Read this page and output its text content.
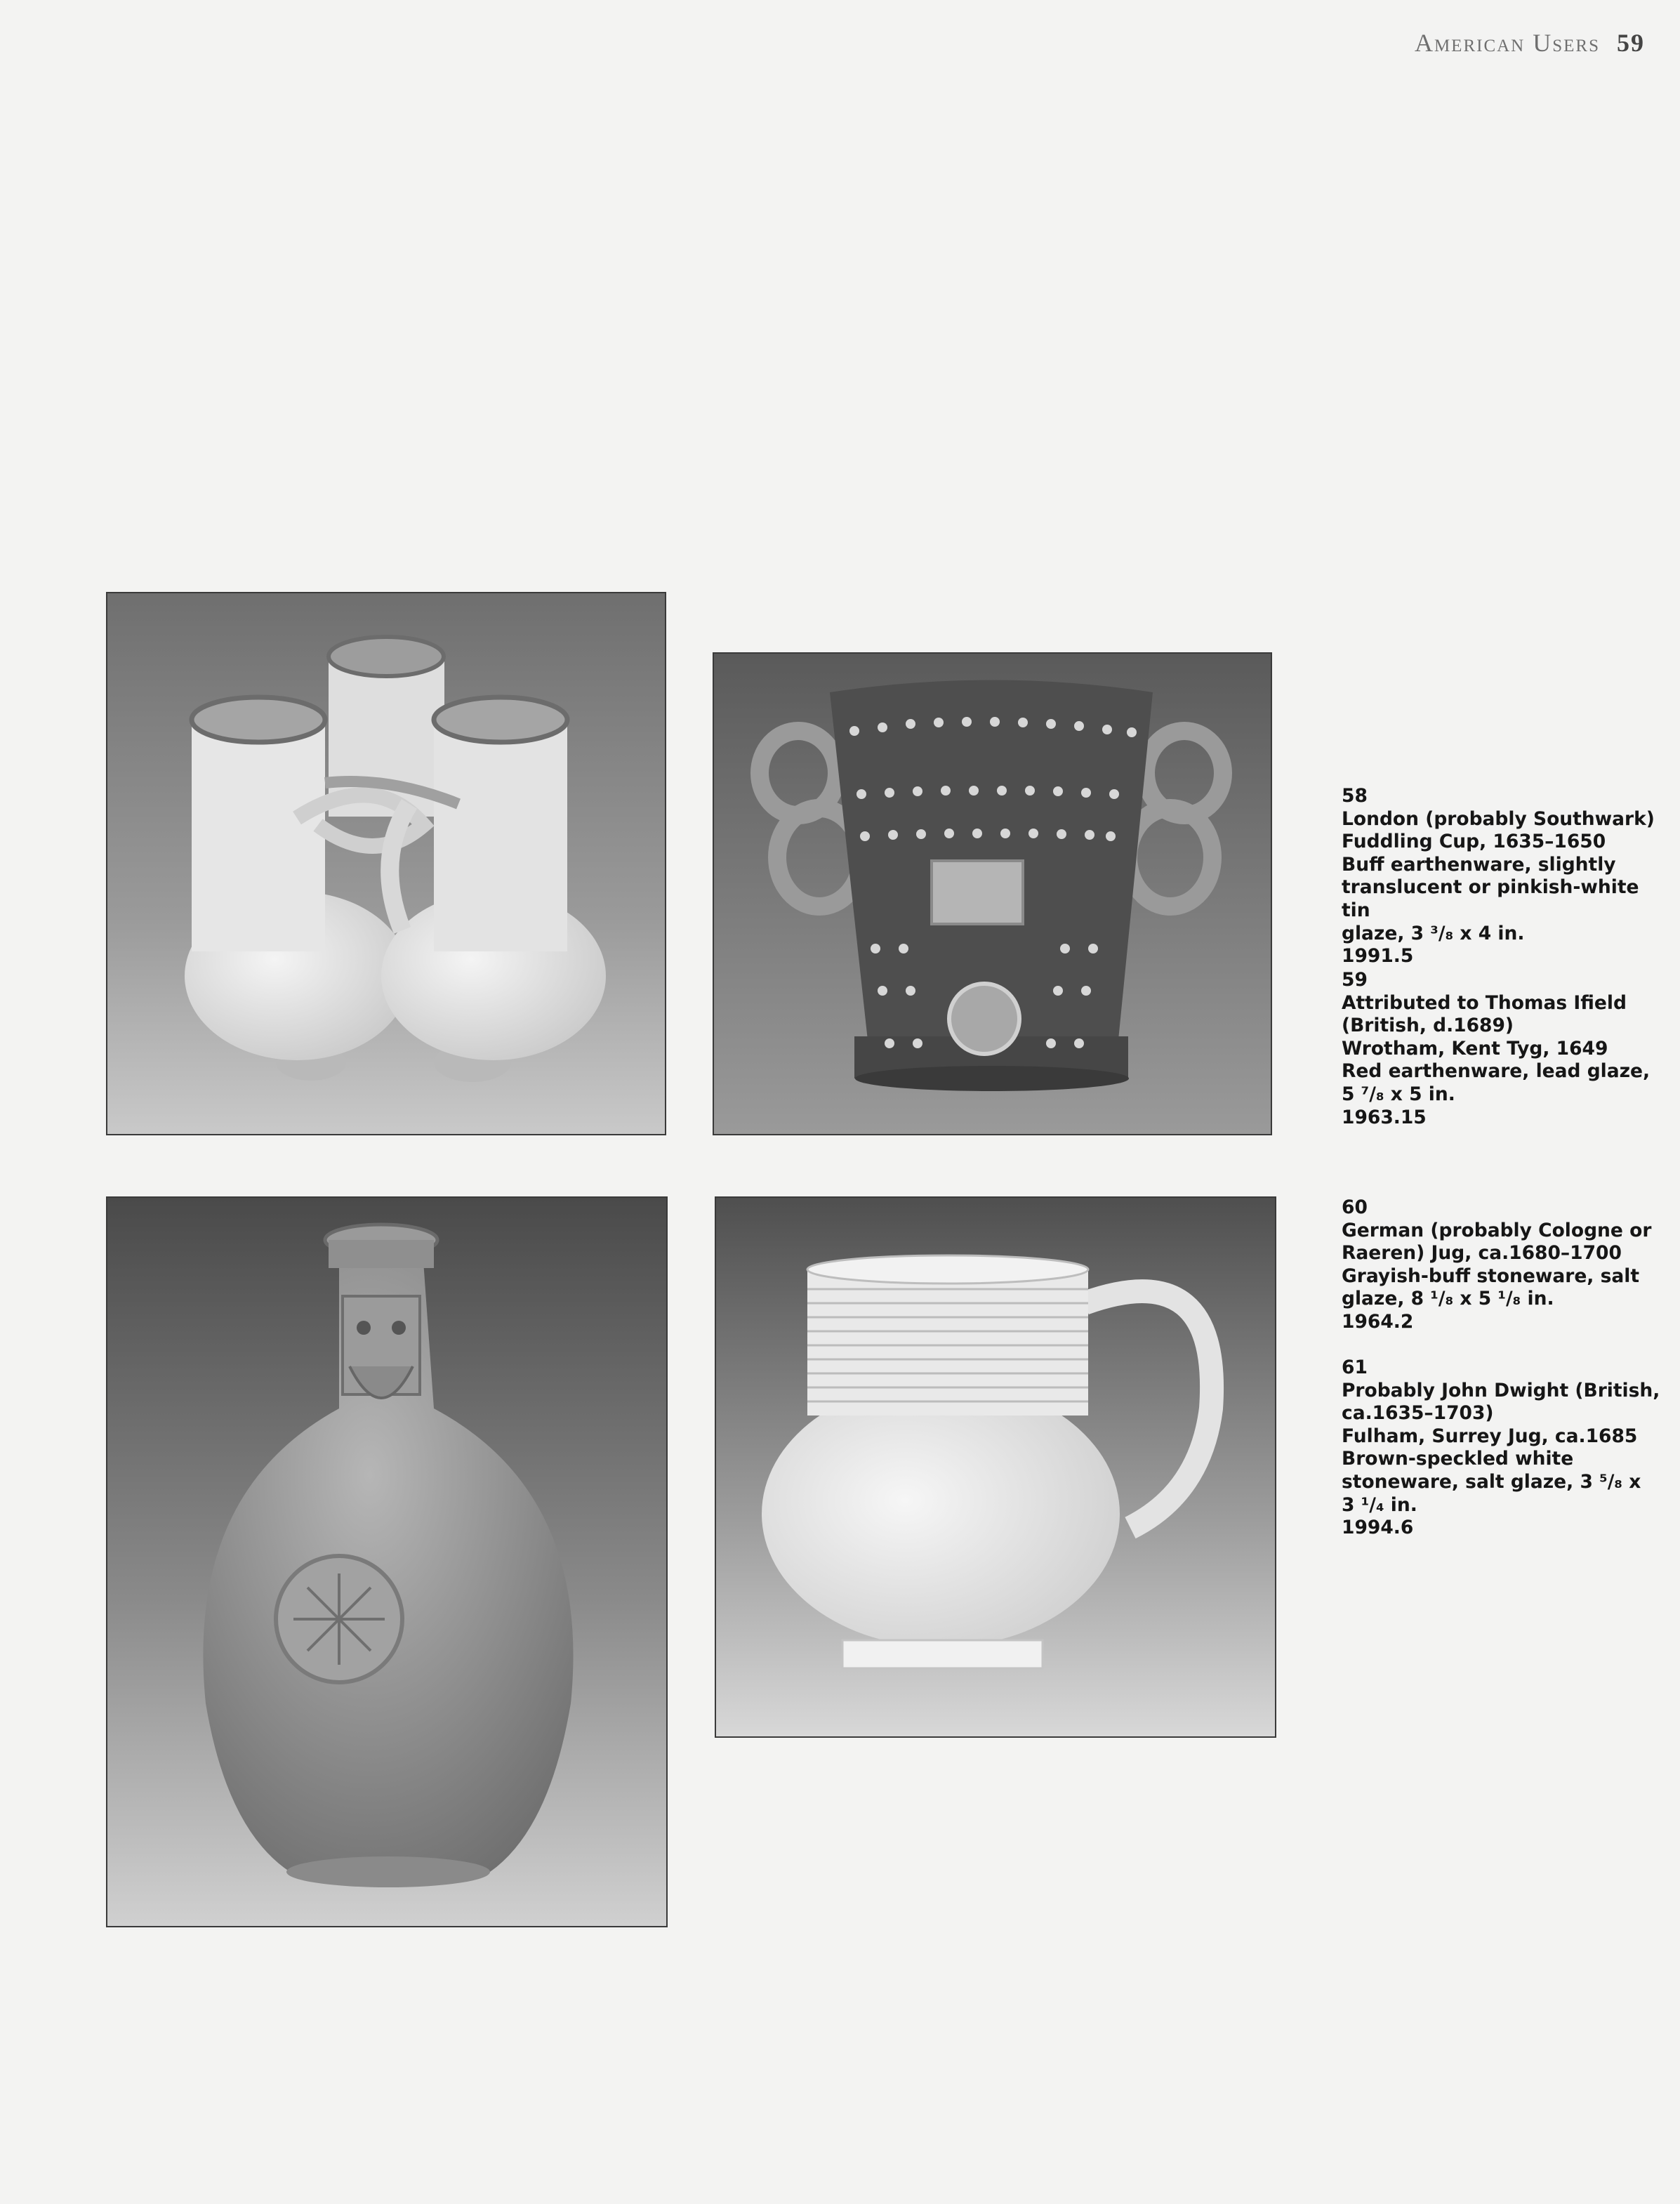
American Users 59

58

London (probably Southwark)
Fuddling Cup, 1635–1650
Buff earthenware, slightly
translucent or pinkish-white tin
glaze, 3 ³/₈ x 4 in.

1991.5

59

Attributed to Thomas Ifield
(British, d.1689)
Wrotham, Kent Tyg, 1649
Red earthenware, lead glaze,
5 ⁷/₈ x 5 in.

1963.15

60

German (probably Cologne or
Raeren) Jug, ca.1680–1700
Grayish-buff stoneware, salt
glaze, 8 ¹/₈ x 5 ¹/₈ in.

1964.2

61

Probably John Dwight (British,
ca.1635–1703)
Fulham, Surrey Jug, ca.1685
Brown-speckled white
stoneware, salt glaze, 3 ⁵/₈ x
3 ¹/₄ in.

1994.6
